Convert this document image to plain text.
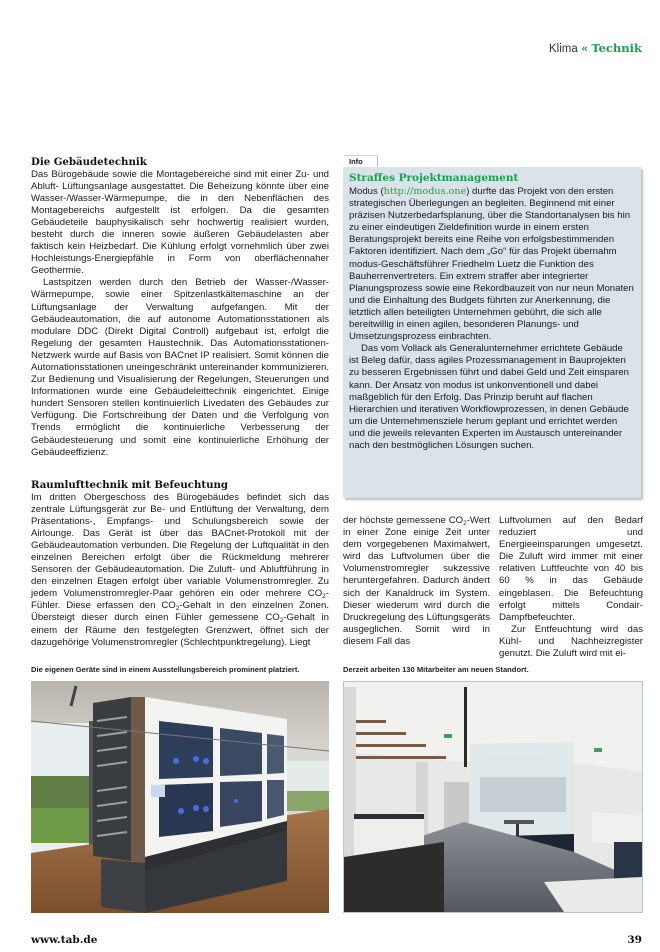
Klima « Technik

Die Gebäudetechnik

Das Bürogebäude sowie die Montagebereiche sind mit einer Zu- und Abluft- Lüftungsanlage ausgestattet. Die Beheizung könnte über eine Wasser-/Wasser-Wärmepumpe, die in den Nebenflächen des Montagebereichs aufgestellt ist erfolgen. Da die gesamten Gebäudeteile bauphysikalisch sehr hochwertig realisiert wurden, besteht durch die inneren sowie äußeren Gebäudelasten aber faktisch kein Heizbedarf. Die Kühlung erfolgt vornehmlich über zwei Hochleistungs-Energiepfähle in Form von oberflächennaher Geothermie.

Lastspitzen werden durch den Betrieb der Wasser-/Wasser-Wärmepumpe, sowie einer Spitzenlastkältemaschine an der Lüftungsanlage der Verwaltung aufgefangen. Mit der Gebäudeautomation, die auf autonome Automationsstationen als modulare DDC (Direkt Digital Controll) aufgebaut ist, erfolgt die Regelung der gesamten Haustechnik. Das Automationsstationen-Netzwerk wurde auf Basis von BACnet IP realisiert. Somit können die Automationsstationen uneingeschränkt untereinander kommunizieren. Zur Bedienung und Visualisierung der Regelungen, Steuerungen und Informationen wurde eine Gebäudeleittechnik eingerichtet. Einige hundert Sensoren stellen kontinuierlich Livedaten des Gebäudes zur Verfügung. Die Fortschreibung der Daten und die Verfolgung von Trends ermöglicht die kontinuierliche Verbesserung der Gebäudesteuerung und somit eine kontinuierliche Erhöhung der Gebäudeeffizienz.

Raumlufttechnik mit Befeuchtung

Im dritten Obergeschoss des Bürogebäudes befindet sich das zentrale Lüftungsgerät zur Be- und Entlüftung der Verwaltung, dem Präsentations-, Empfangs- und Schulungsbereich sowie der Airlounge. Das Gerät ist über das BACnet-Protokoll mit der Gebäudeautomation verbunden. Die Regelung der Luftqualität in den einzelnen Bereichen erfolgt über die Rückmeldung mehrerer Sensoren der Gebäudeautomation. Die Zuluft- und Abluftführung in den einzelnen Etagen erfolgt über variable Volumenstromregler. Zu jedem Volumenstromregler-Paar gehören ein oder mehrere $CO_2$-Fühler. Diese erfassen den $CO_2$-Gehalt in den einzelnen Zonen. Übersteigt dieser durch einen Fühler gemessene $CO_2$-Gehalt in einem der Räume den festgelegten Grenzwert, öffnet sich der dazugehörige Volumenstromregler (Schlechtpunktregelung). Liegt

Info

Straffes Projektmanagement

Modus (http://modus.one) durfte das Projekt von den ersten strategischen Überlegungen an begleiten. Beginnend mit einer präzisen Nutzerbedarfsplanung, über die Standortanalysen bis hin zu einer eindeutigen Zieldefinition wurde in einem ersten Beratungsprojekt bereits eine Reihe von erfolgsbestimmenden Faktoren identifiziert. Nach dem „Go“ für das Projekt übernahm modus-Geschäftsführer Friedhelm Luetz die Funktion des Bauherrenvertreters. Ein extrem straffer aber integrierter Planungsprozess sowie eine Rekordbauzeit von nur neun Monaten und die Einhaltung des Budgets führten zur Anerkennung, die letztlich allen beteiligten Unternehmen gebührt, die sich alle bereitwillig in einen agilen, besonderen Planungs- und Umsetzungsprozess einbrachten.

Das vom Vollack als Generalunternehmer errichtete Gebäude ist Beleg dafür, dass agiles Prozessmanagement in Bauprojekten zu besseren Ergebnissen führt und dabei Geld und Zeit einsparen kann. Der Ansatz von modus ist unkonventionell und dabei maßgeblich für den Erfolg. Das Prinzip beruht auf flachen Hierarchien und iterativen Workflowprozessen, in denen Gebäude um die Unternehmensziele herum geplant und errichtet werden und die jeweils relevanten Experten im Austausch untereinander nach den bestmöglichen Lösungen suchen.

der höchste gemessene $CO_2$-Wert in einer Zone einige Zeit unter dem vorgegebenen Maximalwert, wird das Luftvolumen über die Volumenstromregler sukzessive heruntergefahren. Dadurch ändert sich der Kanaldruck im System. Dieser wiederum wird durch die Druckregelung des Lüftungsgeräts ausgeglichen. Somit wird in diesem Fall das

Luftvolumen auf den Bedarf reduziert und Energieeinsparungen umgesetzt. Die Zuluft wird immer mit einer relativen Luftfeuchte von 40 bis 60 % in das Gebäude eingeblasen. Die Befeuchtung erfolgt mittels Condair-Dampfbefeuchter.

Zur Entfeuchtung wird das Kühl- und Nachheizregister genutzt. Die Zuluft wird mit ei-

Die eigenen Geräte sind in einem Ausstellungsbereich prominent platziert.	Derzeit arbeiten 130 Mitarbeiter am neuen Standort.
www.tab.de	39
